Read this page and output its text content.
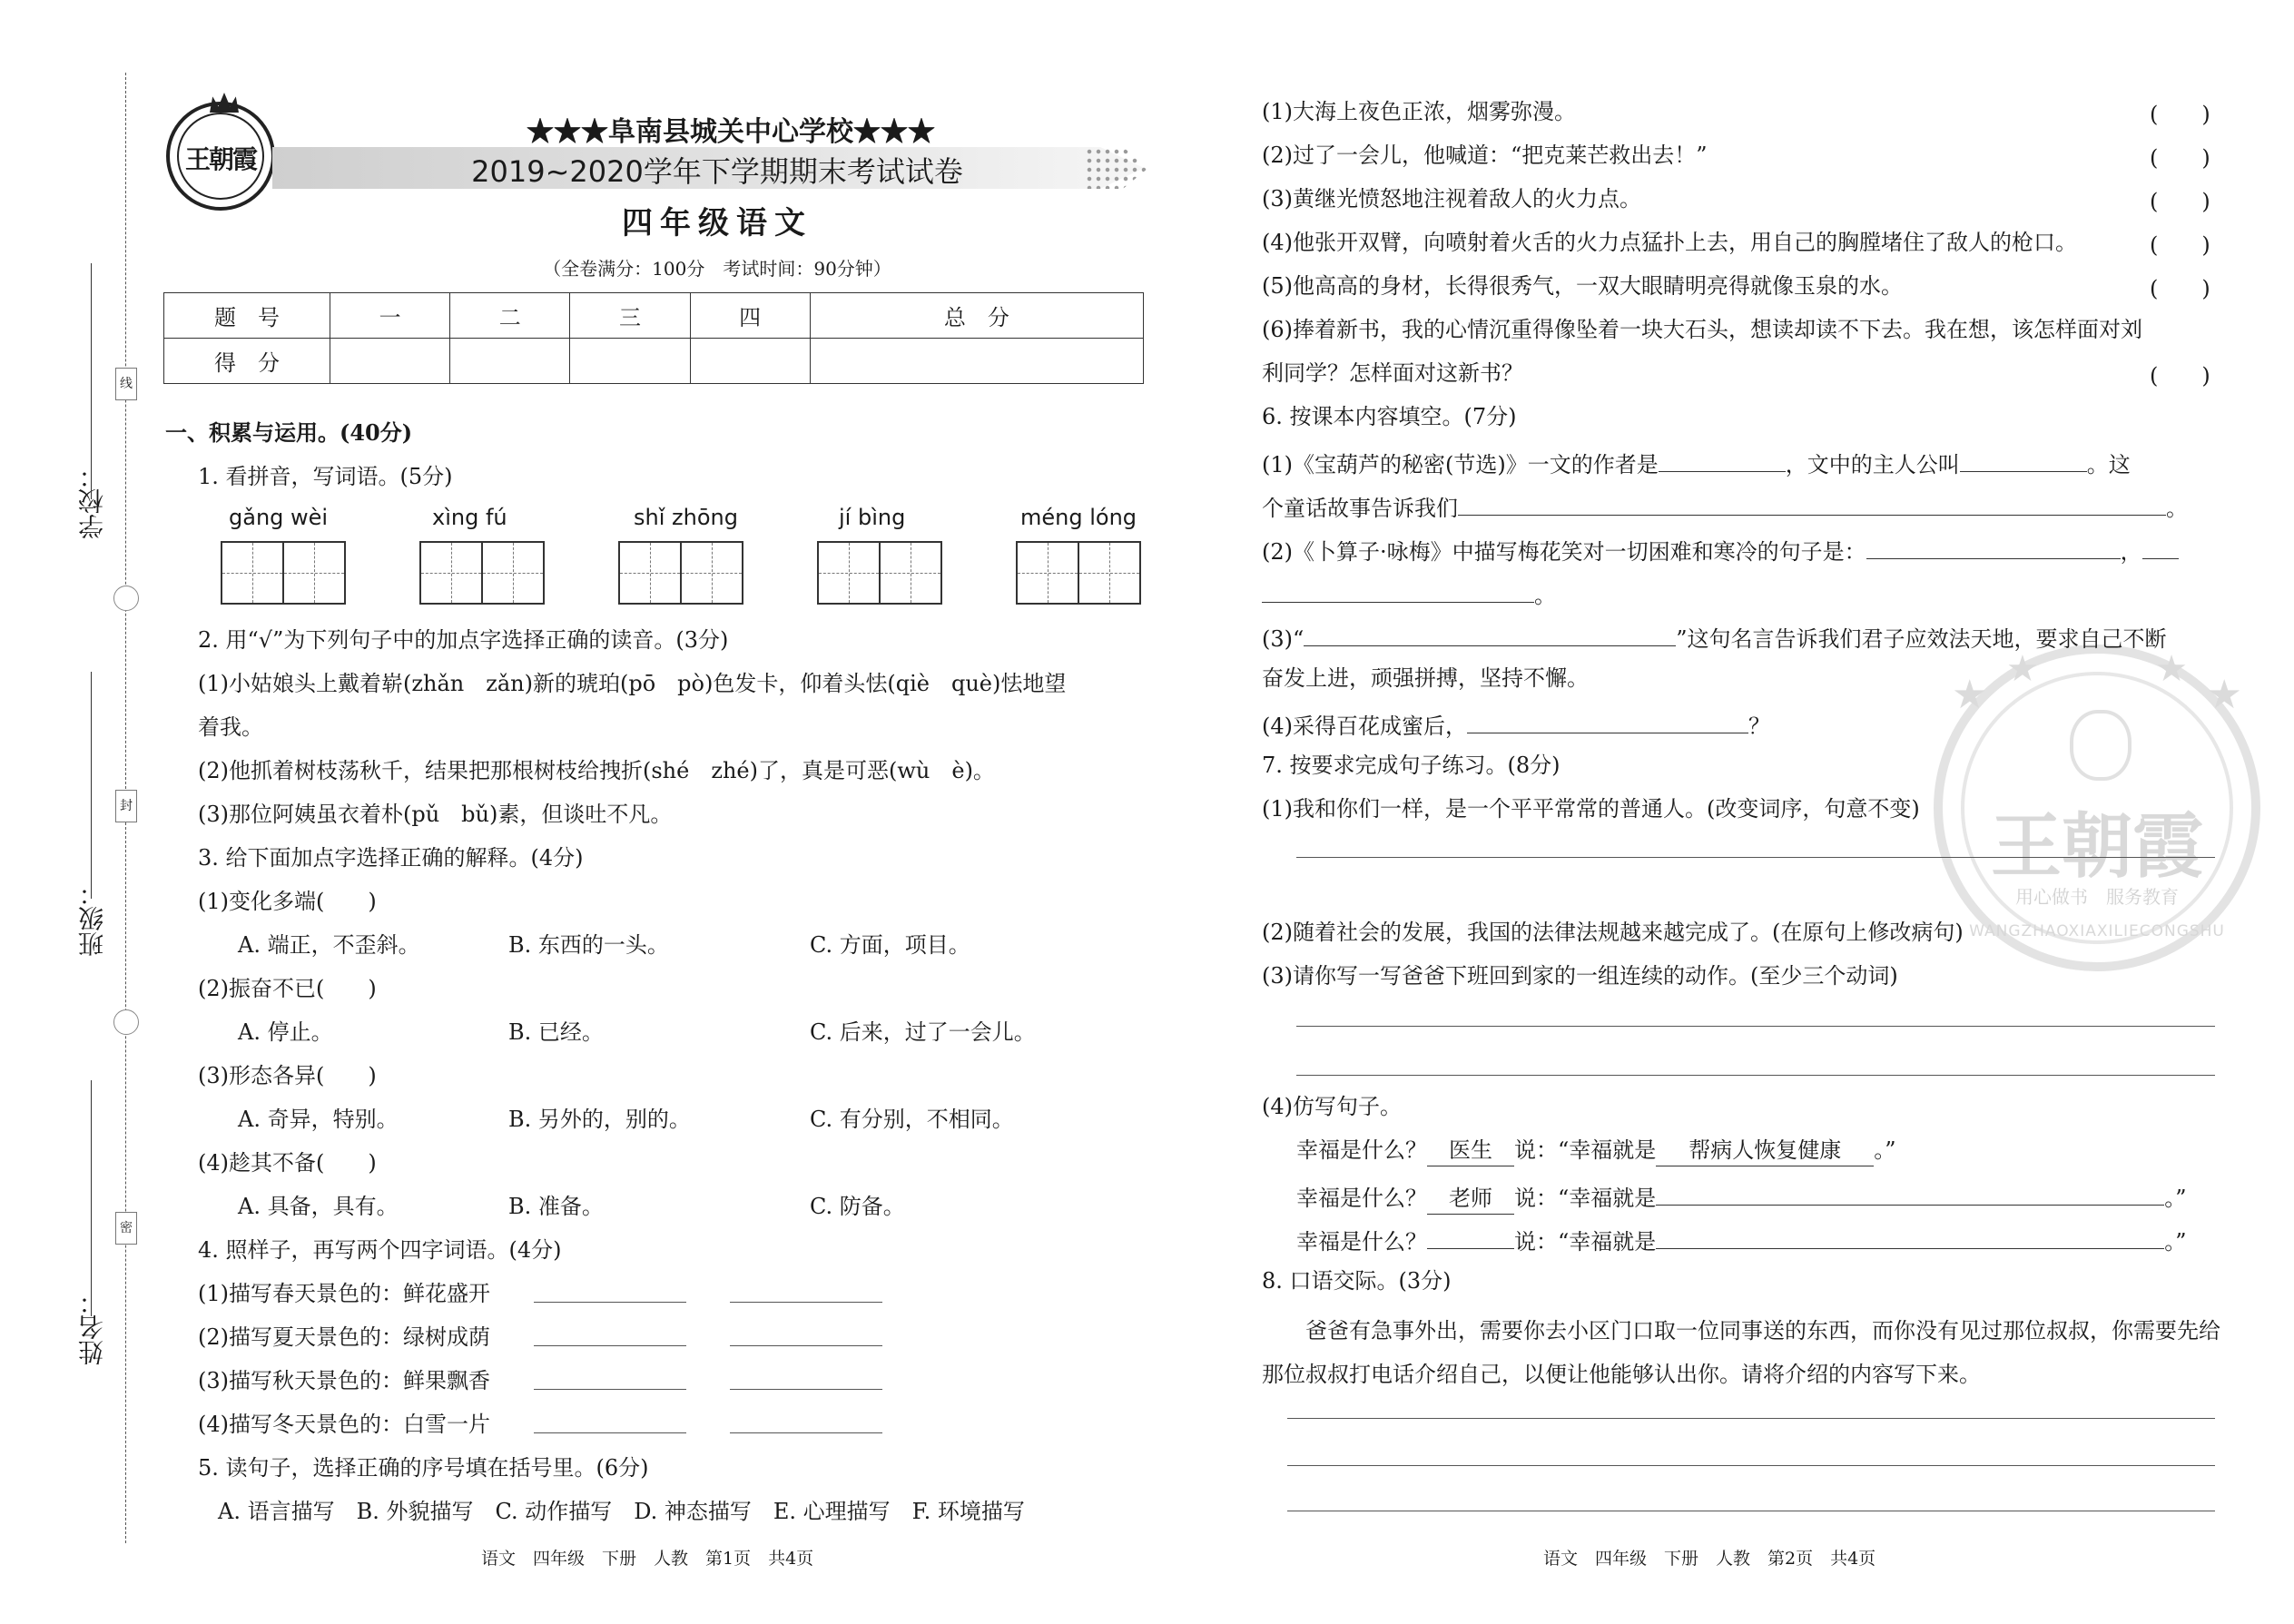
学校：
班级：
姓名：
线
封
密
王朝霞
★★★阜南县城关中心学校★★★
2019~2020学年下学期期末考试试卷
四年级语文
（全卷满分：100分　考试时间：90分钟）
题　号	一	二	三	四	总　分
得　分					
一、积累与运用。(40分)
1. 看拼音，写词语。(5分)
gǎng wèi	xìng fú	shǐ zhōng	jí bìng	méng lóng
2. 用“√”为下列句子中的加点字选择正确的读音。(3分)
(1)小姑娘头上戴着崭(zhǎn　zǎn)新的琥珀(pō　pò)色发卡，仰着头怯(qiè　què)怯地望
着我。
(2)他抓着树枝荡秋千，结果把那根树枝给拽折(shé　zhé)了，真是可恶(wù　è)。
(3)那位阿姨虽衣着朴(pǔ　bǔ)素，但谈吐不凡。
3. 给下面加点字选择正确的解释。(4分)
(1)变化多端(　　)
A. 端正，不歪斜。	B. 东西的一头。	C. 方面，项目。
(2)振奋不已(　　)
A. 停止。	B. 已经。	C. 后来，过了一会儿。
(3)形态各异(　　)
A. 奇异，特别。	B. 另外的，别的。	C. 有分别，不相同。
(4)趁其不备(　　)
A. 具备，具有。	B. 准备。	C. 防备。
4. 照样子，再写两个四字词语。(4分)
(1)描写春天景色的：鲜花盛开
(2)描写夏天景色的：绿树成荫
(3)描写秋天景色的：鲜果飘香
(4)描写冬天景色的：白雪一片
5. 读句子，选择正确的序号填在括号里。(6分)
A. 语言描写　B. 外貌描写　C. 动作描写　D. 神态描写　E. 心理描写　F. 环境描写
语文　四年级　下册　人教　第1页　共4页
王朝霞
用心做书　服务教育
WANGZHAOXIAXILIECONGSHU
★
★	★
★
(1)大海上夜色正浓，烟雾弥漫。	(　　)
(2)过了一会儿，他喊道：“把克莱芒救出去！”	(　　)
(3)黄继光愤怒地注视着敌人的火力点。	(　　)
(4)他张开双臂，向喷射着火舌的火力点猛扑上去，用自己的胸膛堵住了敌人的枪口。	(　　)
(5)他高高的身材，长得很秀气，一双大眼睛明亮得就像玉泉的水。	(　　)
(6)捧着新书，我的心情沉重得像坠着一块大石头，想读却读不下去。我在想，该怎样面对刘
利同学？怎样面对这新书？	(　　)
6. 按课本内容填空。(7分)
(1)《宝葫芦的秘密(节选)》一文的作者是	，文中的主人公叫	。这
个童话故事告诉我们	。
(2)《卜算子·咏梅》中描写梅花笑对一切困难和寒冷的句子是：	，
。
(3)“	”这句名言告诉我们君子应效法天地，要求自己不断
奋发上进，顽强拼搏，坚持不懈。
(4)采得百花成蜜后，	？
7. 按要求完成句子练习。(8分)
(1)我和你们一样，是一个平平常常的普通人。(改变词序，句意不变)
(2)随着社会的发展，我国的法律法规越来越完成了。(在原句上修改病句)
(3)请你写一写爸爸下班回到家的一组连续的动作。(至少三个动词)
(4)仿写句子。
幸福是什么？ 医生 说：“幸福就是 帮病人恢复健康 。”
幸福是什么？ 老师 说：“幸福就是	。”
幸福是什么？	说：“幸福就是	。”
8. 口语交际。(3分)
爸爸有急事外出，需要你去小区门口取一位同事送的东西，而你没有见过那位叔叔，你需要先给那位叔叔打电话介绍自己，以便让他能够认出你。请将介绍的内容写下来。
语文　四年级　下册　人教　第2页　共4页
